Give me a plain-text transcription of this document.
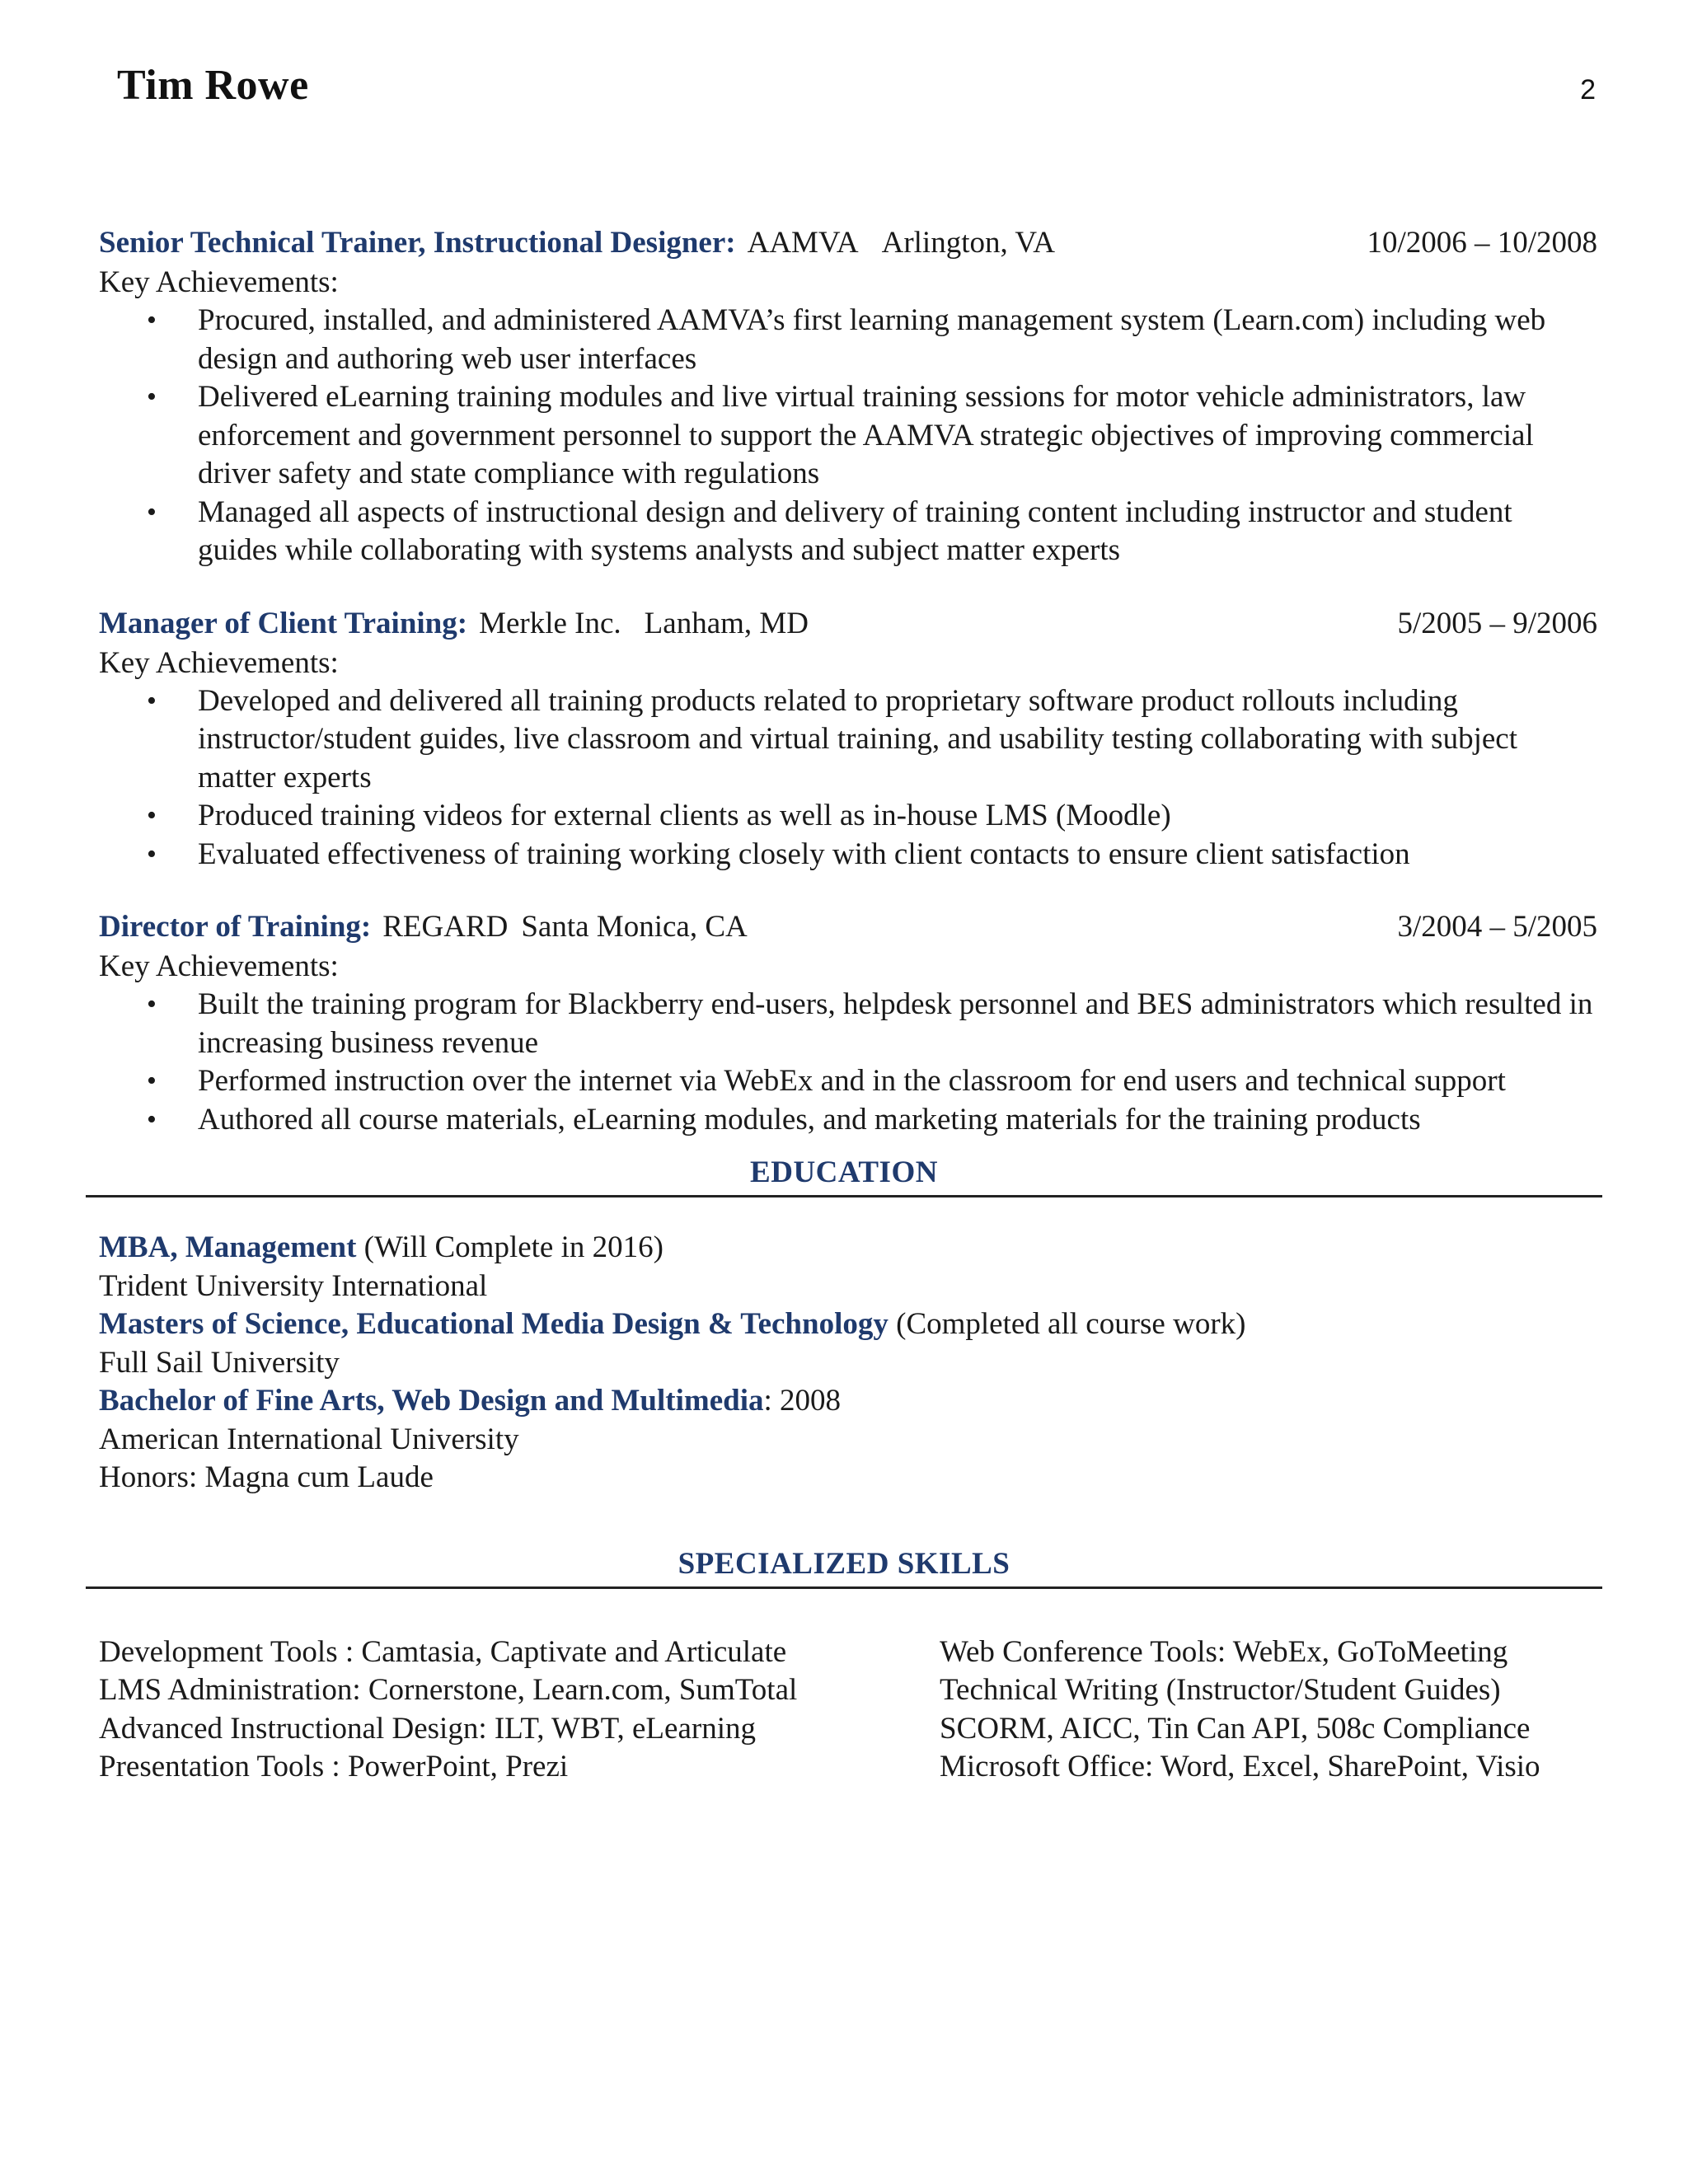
Tim Rowe	2
Senior Technical Trainer, Instructional Designer: AAMVA Arlington, VA	10/2006 – 10/2008
Key Achievements:
• Procured, installed, and administered AAMVA’s first learning management system (Learn.com) including web design and authoring web user interfaces
• Delivered eLearning training modules and live virtual training sessions for motor vehicle administrators, law enforcement and government personnel to support the AAMVA strategic objectives of improving commercial driver safety and state compliance with regulations
• Managed all aspects of instructional design and delivery of training content including instructor and student guides while collaborating with systems analysts and subject matter experts
Manager of Client Training: Merkle Inc. Lanham, MD	5/2005 – 9/2006
Key Achievements:
• Developed and delivered all training products related to proprietary software product rollouts including instructor/student guides, live classroom and virtual training, and usability testing collaborating with subject matter experts
• Produced training videos for external clients as well as in-house LMS (Moodle)
• Evaluated effectiveness of training working closely with client contacts to ensure client satisfaction
Director of Training: REGARD Santa Monica, CA	3/2004 – 5/2005
Key Achievements:
• Built the training program for Blackberry end-users, helpdesk personnel and BES administrators which resulted in increasing business revenue
• Performed instruction over the internet via WebEx and in the classroom for end users and technical support
• Authored all course materials, eLearning modules, and marketing materials for the training products
EDUCATION
MBA, Management (Will Complete in 2016)
Trident University International
Masters of Science, Educational Media Design & Technology (Completed all course work)
Full Sail University
Bachelor of Fine Arts, Web Design and Multimedia: 2008
American International University
Honors: Magna cum Laude
SPECIALIZED SKILLS
Development Tools : Camtasia, Captivate and Articulate	Web Conference Tools: WebEx, GoToMeeting
LMS Administration: Cornerstone, Learn.com, SumTotal	Technical Writing (Instructor/Student Guides)
Advanced Instructional Design: ILT, WBT, eLearning	SCORM, AICC, Tin Can API, 508c Compliance
Presentation Tools : PowerPoint, Prezi	Microsoft Office: Word, Excel, SharePoint, Visio
